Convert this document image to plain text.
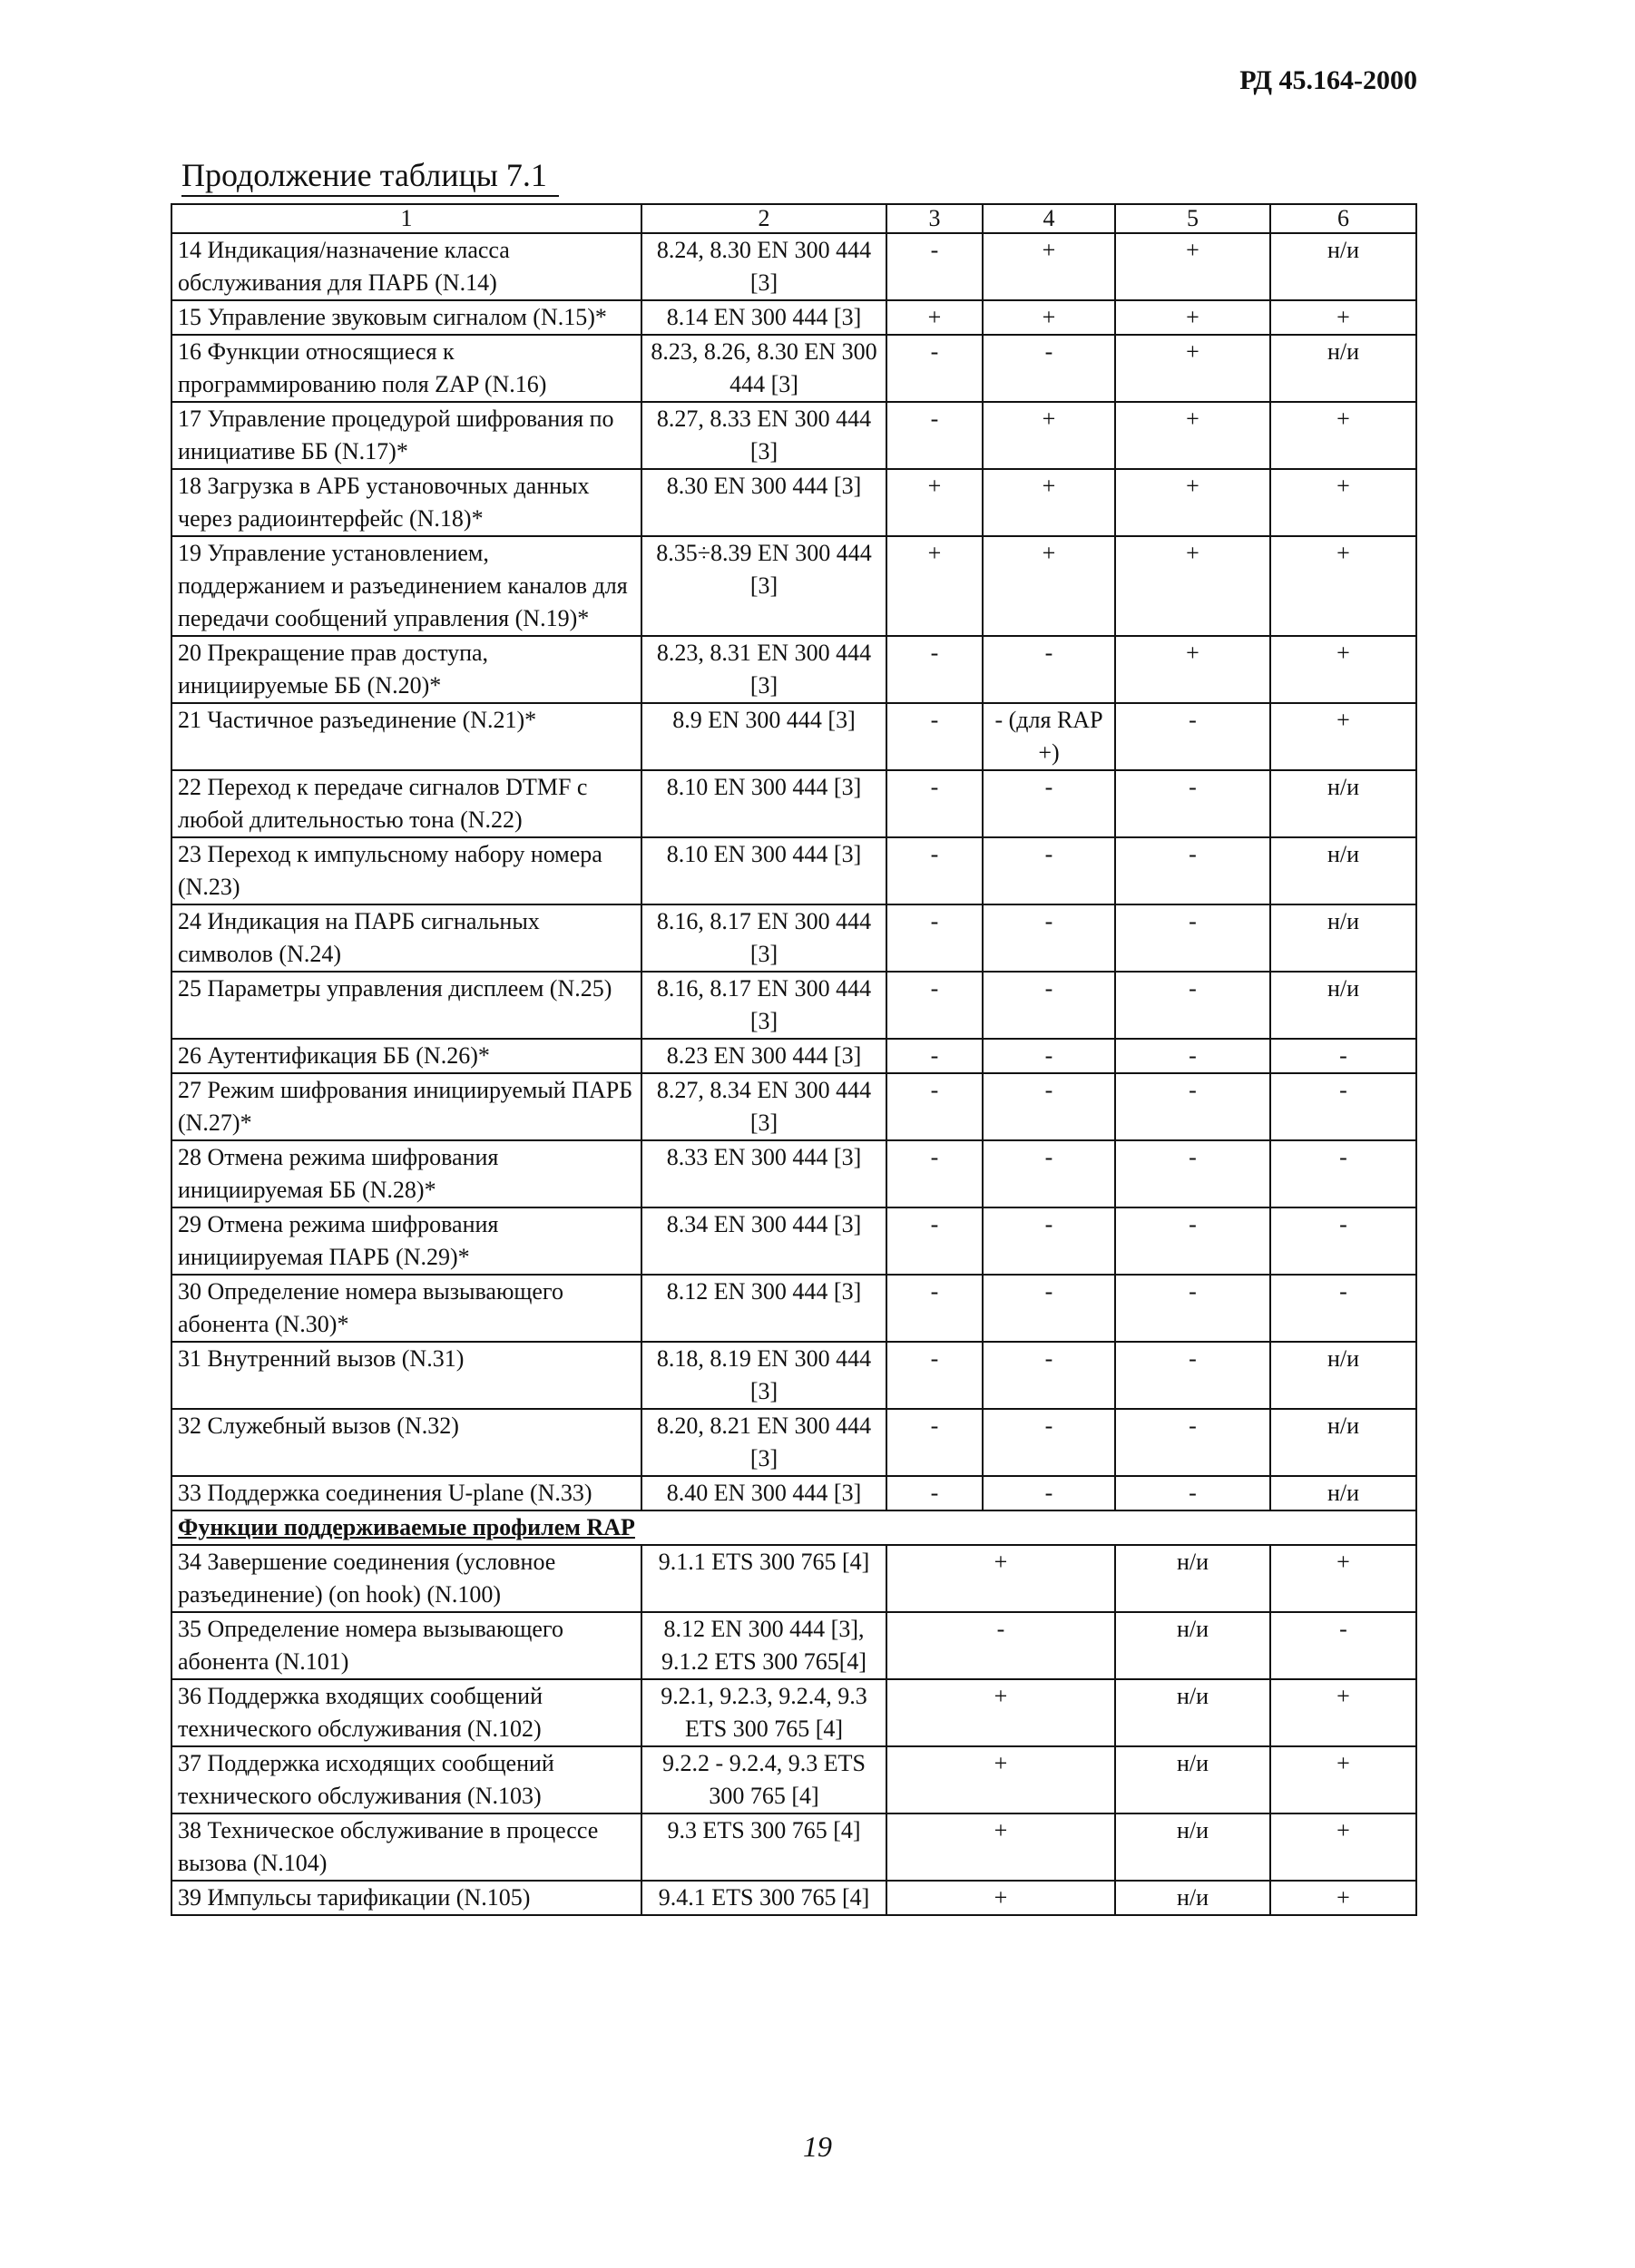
РД 45.164-2000
Продолжение таблицы 7.1
1	2	3	4	5	6
14 Индикация/назначение класса обслуживания для ПАРБ (N.14)	8.24, 8.30 EN 300 444 [3]	-	+	+	н/и
15 Управление звуковым сигналом (N.15)*	8.14 EN 300 444 [3]	+	+	+	+
16 Функции относящиеся к программированию поля ZAP (N.16)	8.23, 8.26, 8.30 EN 300 444 [3]	-	-	+	н/и
17 Управление процедурой шифрования по инициативе ББ (N.17)*	8.27, 8.33 EN 300 444 [3]	-	+	+	+
18 Загрузка в АРБ установочных данных через радиоинтерфейс (N.18)*	8.30 EN 300 444 [3]	+	+	+	+
19 Управление установлением, поддержанием и разъединением каналов для передачи сообщений управления (N.19)*	8.35÷8.39 EN 300 444 [3]	+	+	+	+
20 Прекращение прав доступа, инициируемые ББ (N.20)*	8.23, 8.31 EN 300 444 [3]	-	-	+	+
21 Частичное разъединение (N.21)*	8.9 EN 300 444 [3]	-	- (для RAP +)	-	+
22 Переход к передаче сигналов DTMF с любой длительностью тона (N.22)	8.10 EN 300 444 [3]	-	-	-	н/и
23 Переход к импульсному набору номера (N.23)	8.10 EN 300 444 [3]	-	-	-	н/и
24 Индикация на ПАРБ сигнальных символов (N.24)	8.16, 8.17 EN 300 444 [3]	-	-	-	н/и
25 Параметры управления дисплеем (N.25)	8.16, 8.17 EN 300 444 [3]	-	-	-	н/и
26 Аутентификация ББ (N.26)*	8.23 EN 300 444 [3]	-	-	-	-
27 Режим шифрования инициируемый ПАРБ (N.27)*	8.27, 8.34 EN 300 444 [3]	-	-	-	-
28 Отмена режима шифрования инициируемая ББ (N.28)*	8.33 EN 300 444 [3]	-	-	-	-
29 Отмена режима шифрования инициируемая ПАРБ (N.29)*	8.34 EN 300 444 [3]	-	-	-	-
30 Определение номера вызывающего абонента (N.30)*	8.12 EN 300 444 [3]	-	-	-	-
31 Внутренний вызов (N.31)	8.18, 8.19 EN 300 444 [3]	-	-	-	н/и
32 Служебный вызов (N.32)	8.20, 8.21 EN 300 444 [3]	-	-	-	н/и
33 Поддержка соединения U-plane (N.33)	8.40 EN 300 444 [3]	-	-	-	н/и
Функции поддерживаемые профилем RAP					
34 Завершение соединения (условное разъединение) (on hook) (N.100)	9.1.1 ETS 300 765 [4]	+		н/и	+
35 Определение номера вызывающего абонента (N.101)	8.12 EN 300 444 [3], 9.1.2 ETS 300 765[4]	-		н/и	-
36 Поддержка входящих сообщений технического обслуживания (N.102)	9.2.1, 9.2.3, 9.2.4, 9.3 ETS 300 765 [4]	+		н/и	+
37 Поддержка исходящих сообщений технического обслуживания (N.103)	9.2.2 - 9.2.4, 9.3 ETS 300 765 [4]	+		н/и	+
38 Техническое обслуживание в процессе вызова (N.104)	9.3 ETS 300 765 [4]	+		н/и	+
39 Импульсы тарификации (N.105)	9.4.1 ETS 300 765 [4]	+		н/и	+
19
